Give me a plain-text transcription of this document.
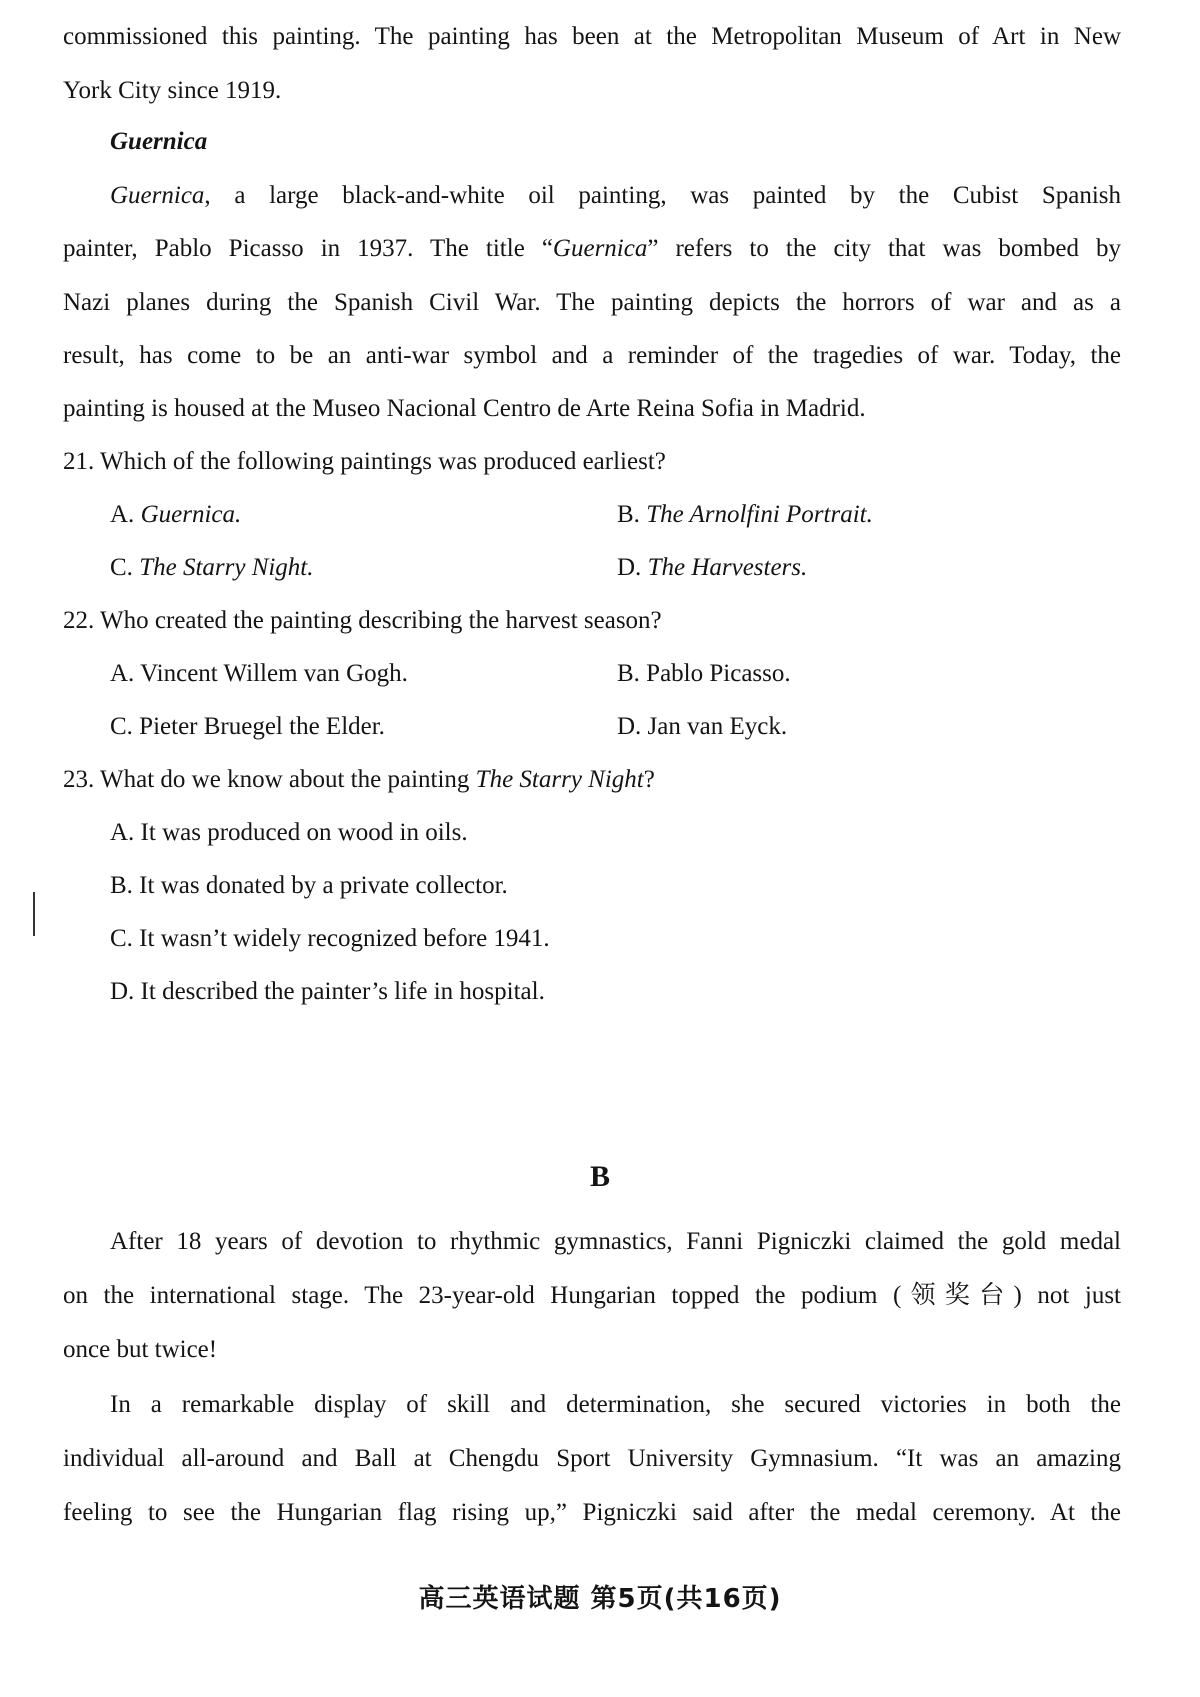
commissioned this painting. The painting has been at the Metropolitan Museum of Art in New
York City since 1919.
Guernica
Guernica, a large black-and-white oil painting, was painted by the Cubist Spanish
painter, Pablo Picasso in 1937. The title “Guernica” refers to the city that was bombed by
Nazi planes during the Spanish Civil War. The painting depicts the horrors of war and as a
result, has come to be an anti-war symbol and a reminder of the tragedies of war. Today, the
painting is housed at the Museo Nacional Centro de Arte Reina Sofia in Madrid.
21. Which of the following paintings was produced earliest?
A. Guernica.	B. The Arnolfini Portrait.
C. The Starry Night.	D. The Harvesters.
22. Who created the painting describing the harvest season?
A. Vincent Willem van Gogh.	B. Pablo Picasso.
C. Pieter Bruegel the Elder.	D. Jan van Eyck.
23. What do we know about the painting The Starry Night?
A. It was produced on wood in oils.
B. It was donated by a private collector.
C. It wasn’t widely recognized before 1941.
D. It described the painter’s life in hospital.
B
After 18 years of devotion to rhythmic gymnastics, Fanni Pigniczki claimed the gold medal
on the international stage. The 23-year-old Hungarian topped the podium (领奖台) not just
once but twice!
In a remarkable display of skill and determination, she secured victories in both the
individual all-around and Ball at Chengdu Sport University Gymnasium. “It was an amazing
feeling to see the Hungarian flag rising up,” Pigniczki said after the medal ceremony. At the
高三英语试题 第5页(共16页)
